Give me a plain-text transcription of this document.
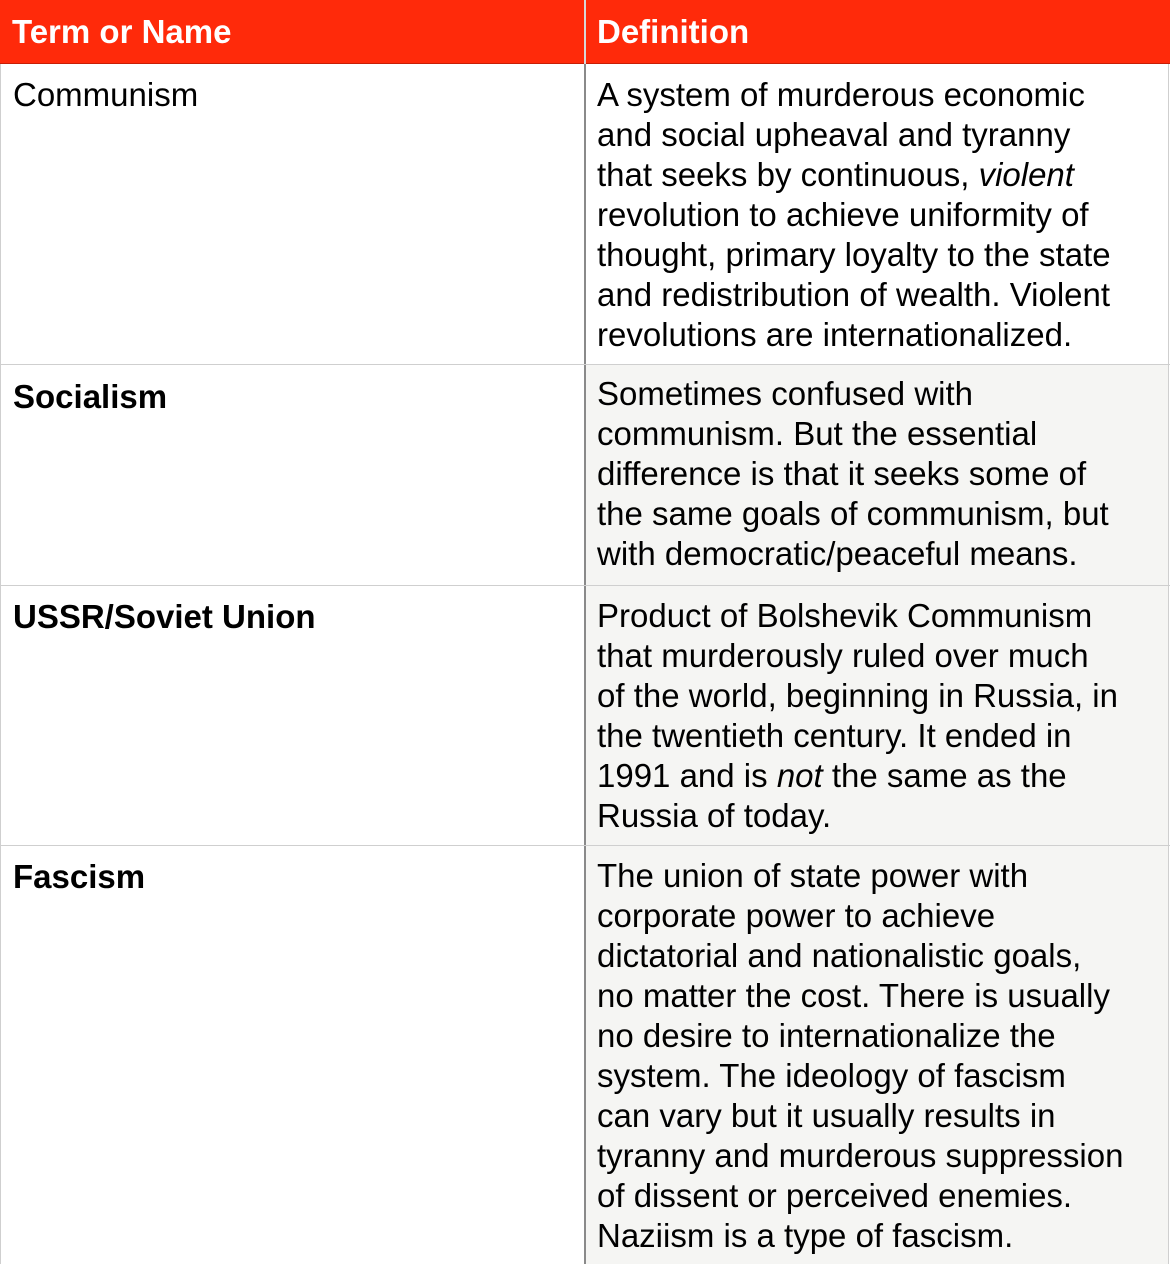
Term or Name	Definition
Communism	A system of murderous economic
and social upheaval and tyranny
that seeks by continuous, violent
revolution to achieve uniformity of
thought, primary loyalty to the state
and redistribution of wealth. Violent
revolutions are internationalized.
Socialism	Sometimes confused with
communism. But the essential
difference is that it seeks some of
the same goals of communism, but
with democratic/peaceful means.
USSR/Soviet Union	Product of Bolshevik Communism
that murderously ruled over much
of the world, beginning in Russia, in
the twentieth century. It ended in
1991 and is not the same as the
Russia of today.
Fascism	The union of state power with
corporate power to achieve
dictatorial and nationalistic goals,
no matter the cost. There is usually
no desire to internationalize the
system. The ideology of fascism
can vary but it usually results in
tyranny and murderous suppression
of dissent or perceived enemies.
Naziism is a type of fascism.
